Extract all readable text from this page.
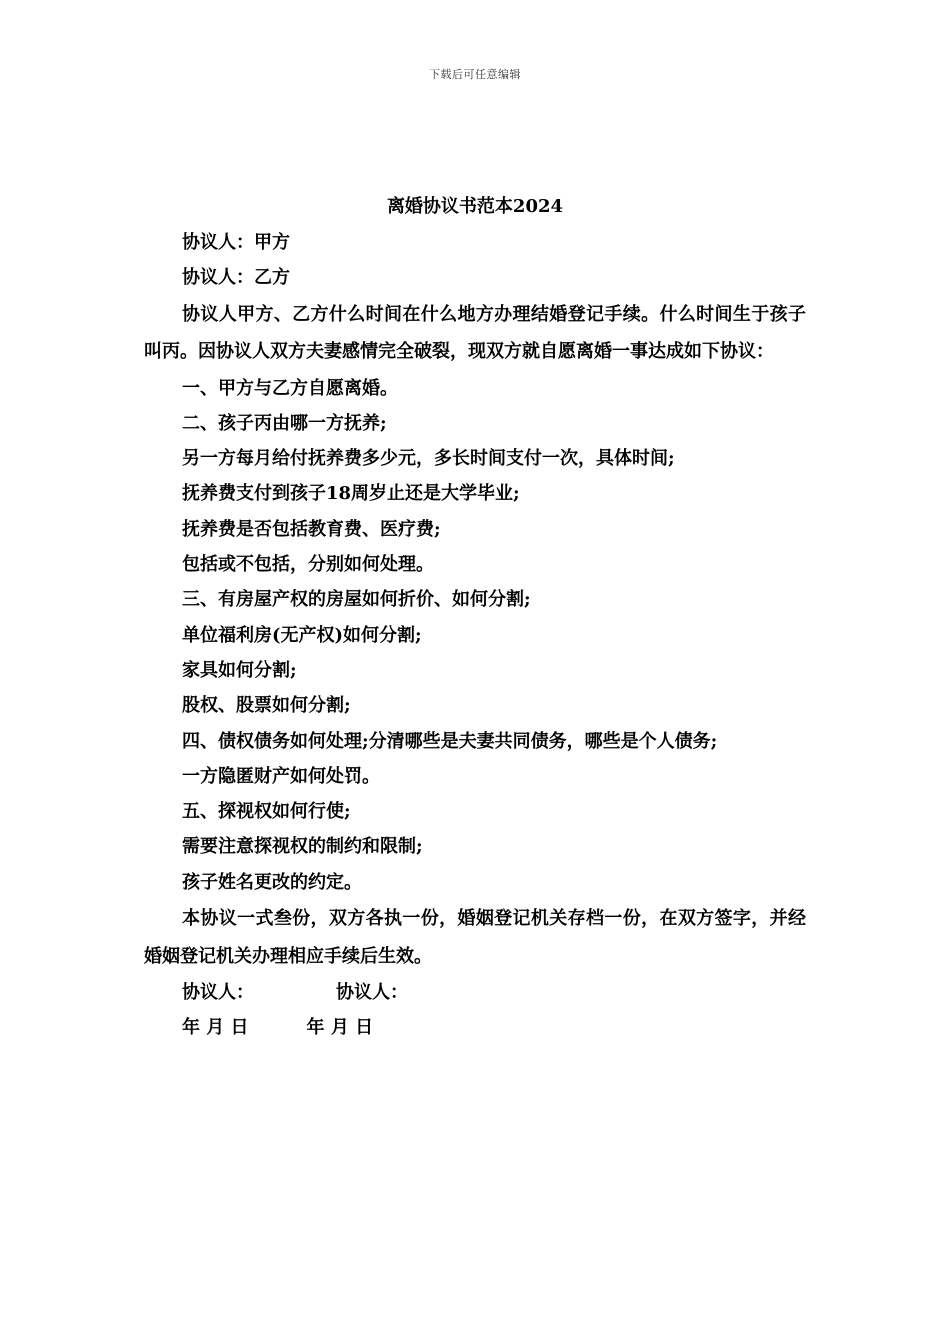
下载后可任意编辑
离婚协议书范本2024

协议人：甲方

协议人：乙方

协议人甲方、乙方什么时间在什么地方办理结婚登记手续。什么时间生于孩子叫丙。因协议人双方夫妻感情完全破裂，现双方就自愿离婚一事达成如下协议：

一、甲方与乙方自愿离婚。

二、孩子丙由哪一方抚养;

另一方每月给付抚养费多少元，多长时间支付一次，具体时间;

抚养费支付到孩子18周岁止还是大学毕业;

抚养费是否包括教育费、医疗费;

包括或不包括，分别如何处理。

三、有房屋产权的房屋如何折价、如何分割;

单位福利房(无产权)如何分割;

家具如何分割;

股权、股票如何分割;

四、债权债务如何处理;分清哪些是夫妻共同债务，哪些是个人债务;

一方隐匿财产如何处罚。

五、探视权如何行使;

需要注意探视权的制约和限制;

孩子姓名更改的约定。

本协议一式叁份，双方各执一份，婚姻登记机关存档一份，在双方签字，并经婚姻登记机关办理相应手续后生效。

协议人：	协议人：
年 月 日	年 月 日
